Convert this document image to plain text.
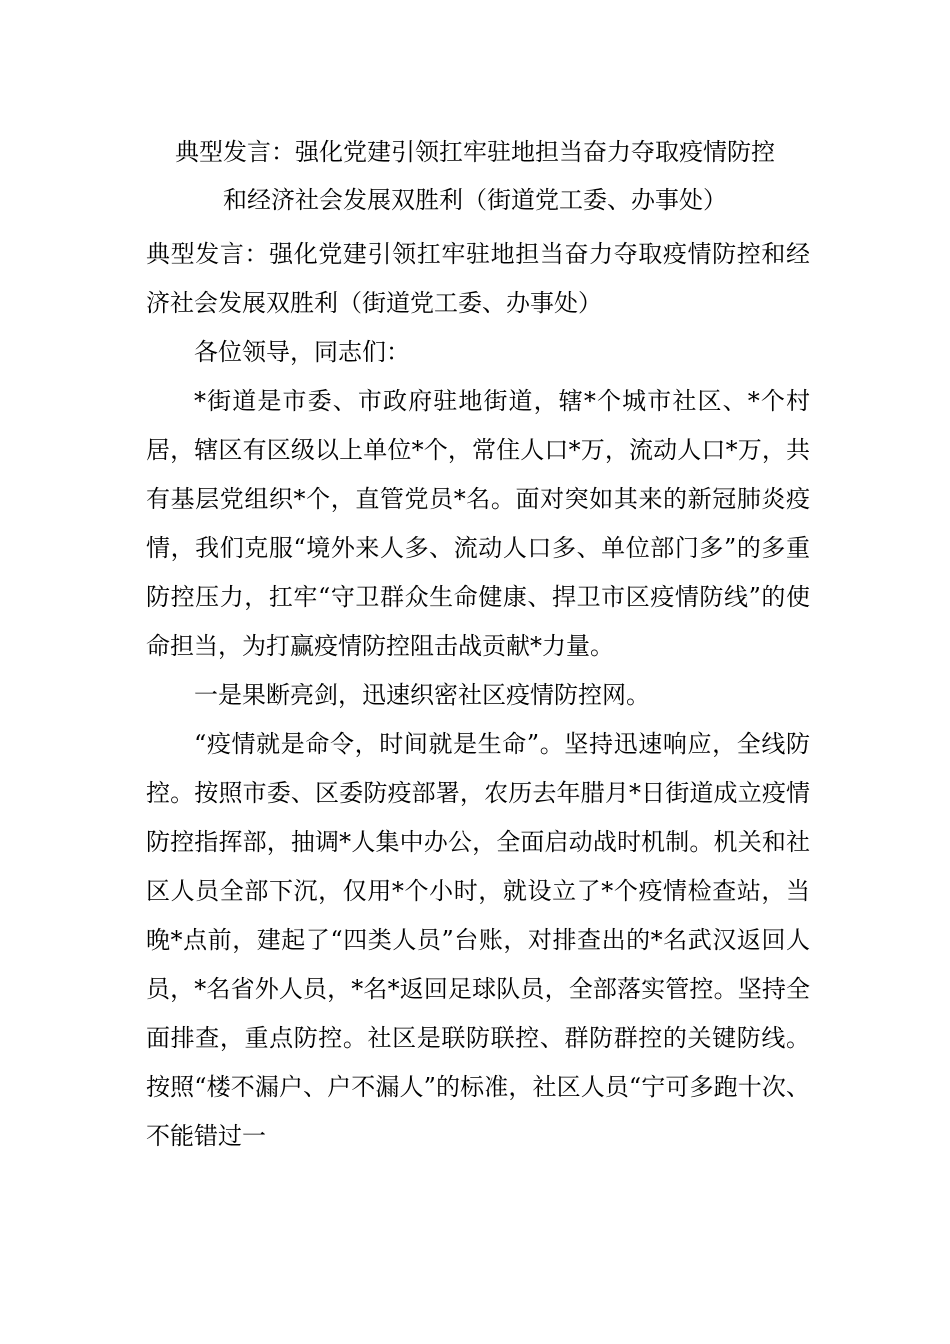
典型发言：强化党建引领扛牢驻地担当奋力夺取疫情防控
和经济社会发展双胜利（街道党工委、办事处）

典型发言：强化党建引领扛牢驻地担当奋力夺取疫情防控和经济社会发展双胜利（街道党工委、办事处）

各位领导，同志们：

*街道是市委、市政府驻地街道，辖*个城市社区、*个村居，辖区有区级以上单位*个，常住人口*万，流动人口*万，共有基层党组织*个，直管党员*名。面对突如其来的新冠肺炎疫情，我们克服“境外来人多、流动人口多、单位部门多”的多重防控压力，扛牢“守卫群众生命健康、捍卫市区疫情防线”的使命担当，为打赢疫情防控阻击战贡献*力量。

一是果断亮剑，迅速织密社区疫情防控网。

“疫情就是命令，时间就是生命”。坚持迅速响应，全线防控。按照市委、区委防疫部署，农历去年腊月*日街道成立疫情防控指挥部，抽调*人集中办公，全面启动战时机制。机关和社区人员全部下沉，仅用*个小时，就设立了*个疫情检查站，当晚*点前，建起了“四类人员”台账，对排查出的*名武汉返回人员，*名省外人员，*名*返回足球队员，全部落实管控。坚持全面排查，重点防控。社区是联防联控、群防群控的关键防线。按照“楼不漏户、户不漏人”的标准，社区人员“宁可多跑十次、不能错过一
